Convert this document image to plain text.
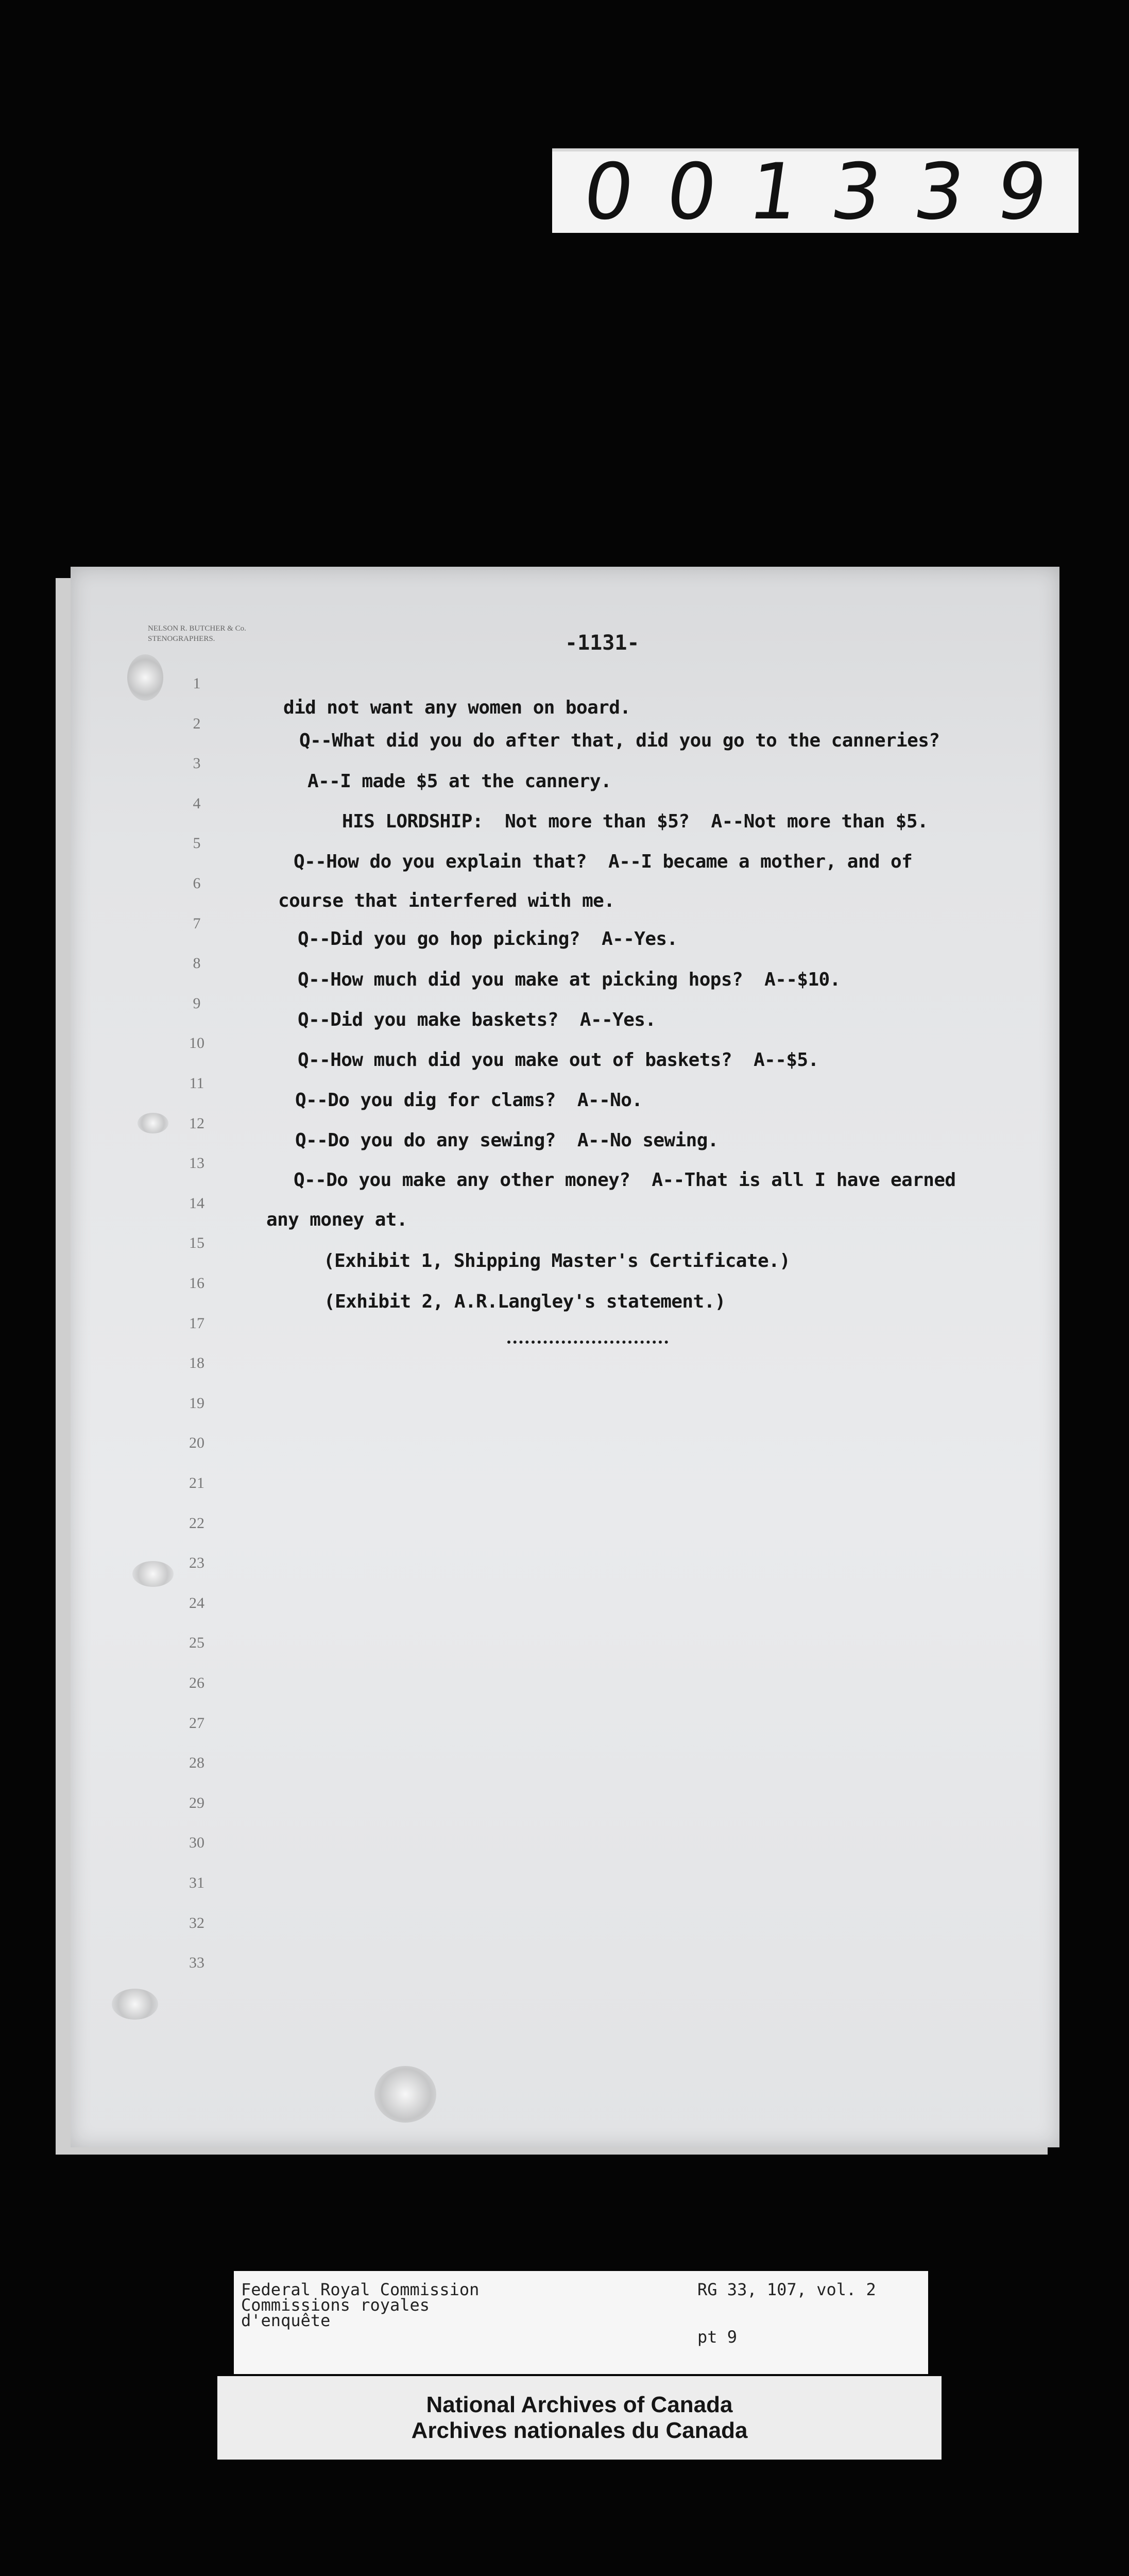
0 0 1 3 3 9
NELSON R. BUTCHER & Co.
STENOGRAPHERS.	-1131-
1
2
3
4
5
6
7
8
9
10
11
12
13
14
15
16
17
18
19
20
21
22
23
24
25
26
27
28
29
30
31
32
33
did not want any women on board.
Q--What did you do after that, did you go to the canneries?
A--I made $5 at the cannery.
HIS LORDSHIP:  Not more than $5?  A--Not more than $5.
Q--How do you explain that?  A--I became a mother, and of
course that interfered with me.
Q--Did you go hop picking?  A--Yes.
Q--How much did you make at picking hops?  A--$10.
Q--Did you make baskets?  A--Yes.
Q--How much did you make out of baskets?  A--$5.
Q--Do you dig for clams?  A--No.
Q--Do you do any sewing?  A--No sewing.
Q--Do you make any other money?  A--That is all I have earned
any money at.
(Exhibit 1, Shipping Master's Certificate.)
(Exhibit 2, A.R.Langley's statement.)
Federal Royal Commission	RG 33, 107, vol. 2
Commissions royales
d'enquête
pt 9
National Archives of Canada
Archives nationales du Canada
